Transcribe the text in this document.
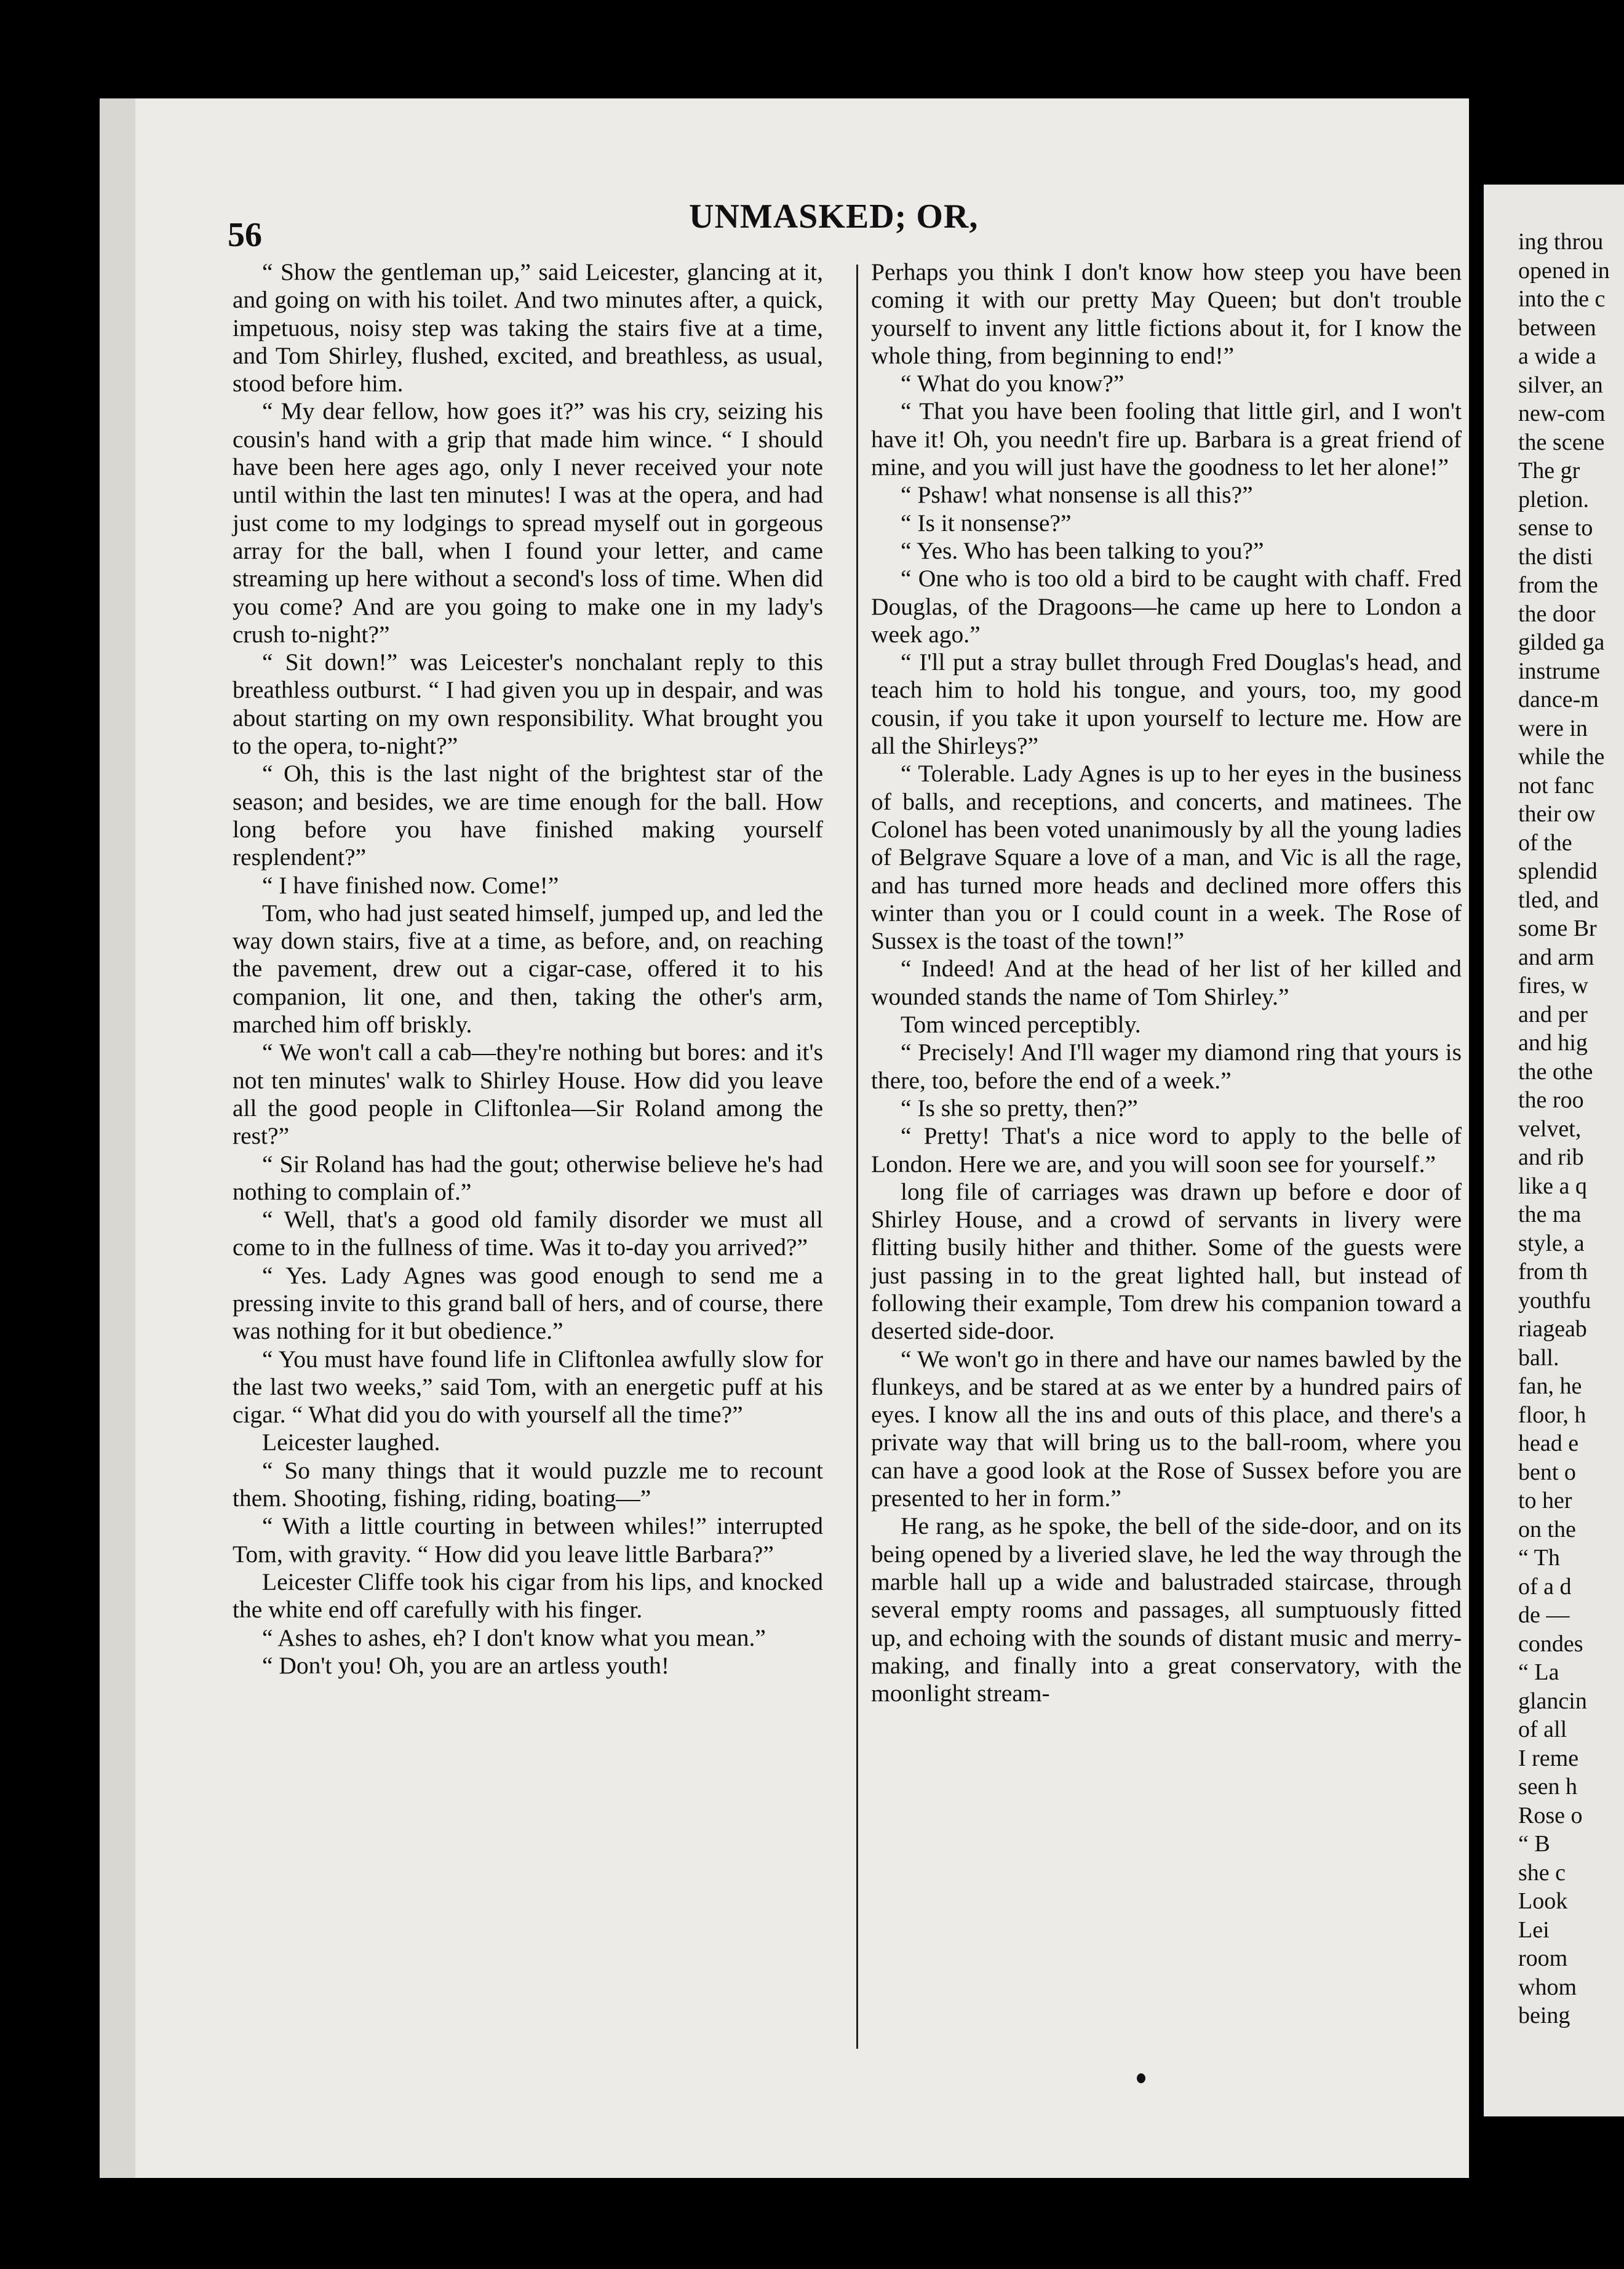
56	UNMASKED; OR,

“ Show the gentleman up,” said Leicester, glancing at it, and going on with his toilet. And two minutes after, a quick, impetuous, noisy step was taking the stairs five at a time, and Tom Shirley, flushed, excited, and breathless, as usual, stood before him.

“ My dear fellow, how goes it?” was his cry, seizing his cousin's hand with a grip that made him wince. “ I should have been here ages ago, only I never received your note until within the last ten minutes! I was at the opera, and had just come to my lodgings to spread myself out in gorgeous array for the ball, when I found your letter, and came streaming up here without a second's loss of time. When did you come? And are you going to make one in my lady's crush to-night?”

“ Sit down!” was Leicester's nonchalant reply to this breathless outburst. “ I had given you up in despair, and was about starting on my own responsibility. What brought you to the opera, to-night?”

“ Oh, this is the last night of the brightest star of the season; and besides, we are time enough for the ball. How long before you have finished making yourself resplendent?”

“ I have finished now. Come!”

Tom, who had just seated himself, jumped up, and led the way down stairs, five at a time, as before, and, on reaching the pavement, drew out a cigar-case, offered it to his companion, lit one, and then, taking the other's arm, marched him off briskly.

“ We won't call a cab—they're nothing but bores: and it's not ten minutes' walk to Shirley House. How did you leave all the good people in Cliftonlea—Sir Roland among the rest?”

“ Sir Roland has had the gout; otherwise believe he's had nothing to complain of.”

“ Well, that's a good old family disorder we must all come to in the fullness of time. Was it to-day you arrived?”

“ Yes. Lady Agnes was good enough to send me a pressing invite to this grand ball of hers, and of course, there was nothing for it but obedience.”

“ You must have found life in Cliftonlea awfully slow for the last two weeks,” said Tom, with an energetic puff at his cigar. “ What did you do with yourself all the time?”

Leicester laughed.

“ So many things that it would puzzle me to recount them. Shooting, fishing, riding, boating—”

“ With a little courting in between whiles!” interrupted Tom, with gravity. “ How did you leave little Barbara?”

Leicester Cliffe took his cigar from his lips, and knocked the white end off carefully with his finger.

“ Ashes to ashes, eh? I don't know what you mean.”

“ Don't you! Oh, you are an artless youth!

Perhaps you think I don't know how steep you have been coming it with our pretty May Queen; but don't trouble yourself to invent any little fictions about it, for I know the whole thing, from beginning to end!”

“ What do you know?”

“ That you have been fooling that little girl, and I won't have it! Oh, you needn't fire up. Barbara is a great friend of mine, and you will just have the goodness to let her alone!”

“ Pshaw! what nonsense is all this?”

“ Is it nonsense?”

“ Yes. Who has been talking to you?”

“ One who is too old a bird to be caught with chaff. Fred Douglas, of the Dragoons—he came up here to London a week ago.”

“ I'll put a stray bullet through Fred Douglas's head, and teach him to hold his tongue, and yours, too, my good cousin, if you take it upon yourself to lecture me. How are all the Shirleys?”

“ Tolerable. Lady Agnes is up to her eyes in the business of balls, and receptions, and concerts, and matinees. The Colonel has been voted unanimously by all the young ladies of Belgrave Square a love of a man, and Vic is all the rage, and has turned more heads and declined more offers this winter than you or I could count in a week. The Rose of Sussex is the toast of the town!”

“ Indeed! And at the head of her list of her killed and wounded stands the name of Tom Shirley.”

Tom winced perceptibly.

“ Precisely! And I'll wager my diamond ring that yours is there, too, before the end of a week.”

“ Is she so pretty, then?”

“ Pretty! That's a nice word to apply to the belle of London. Here we are, and you will soon see for yourself.”

long file of carriages was drawn up before e door of Shirley House, and a crowd of servants in livery were flitting busily hither and thither. Some of the guests were just passing in to the great lighted hall, but instead of following their example, Tom drew his companion toward a deserted side-door.

“ We won't go in there and have our names bawled by the flunkeys, and be stared at as we enter by a hundred pairs of eyes. I know all the ins and outs of this place, and there's a private way that will bring us to the ball-room, where you can have a good look at the Rose of Sussex before you are presented to her in form.”

He rang, as he spoke, the bell of the side-door, and on its being opened by a liveried slave, he led the way through the marble hall up a wide and balustraded staircase, through several empty rooms and passages, all sumptuously fitted up, and echoing with the sounds of distant music and merry-making, and finally into a great conservatory, with the moonlight stream-

ing throu
opened in
into the c
between
a wide a
silver, an
new-com
the scene
The gr
pletion.
sense to
the disti
from the
the door
gilded ga
instrume
dance-m
were in
while the
not fanc
their ow
of the
splendid
tled, and
some Br
and arm
fires, w
and per
and hig
the othe
the roo
velvet,
and rib
like a q
the ma
style, a
from th
youthfu
riageab
ball.
fan, he
floor, h
head e
bent o
to her
on the
“ Th
of a d
de —
condes
“ La
glancin
of all
I reme
seen h
Rose o
“ B
she c
Look
Lei
room
whom
being
